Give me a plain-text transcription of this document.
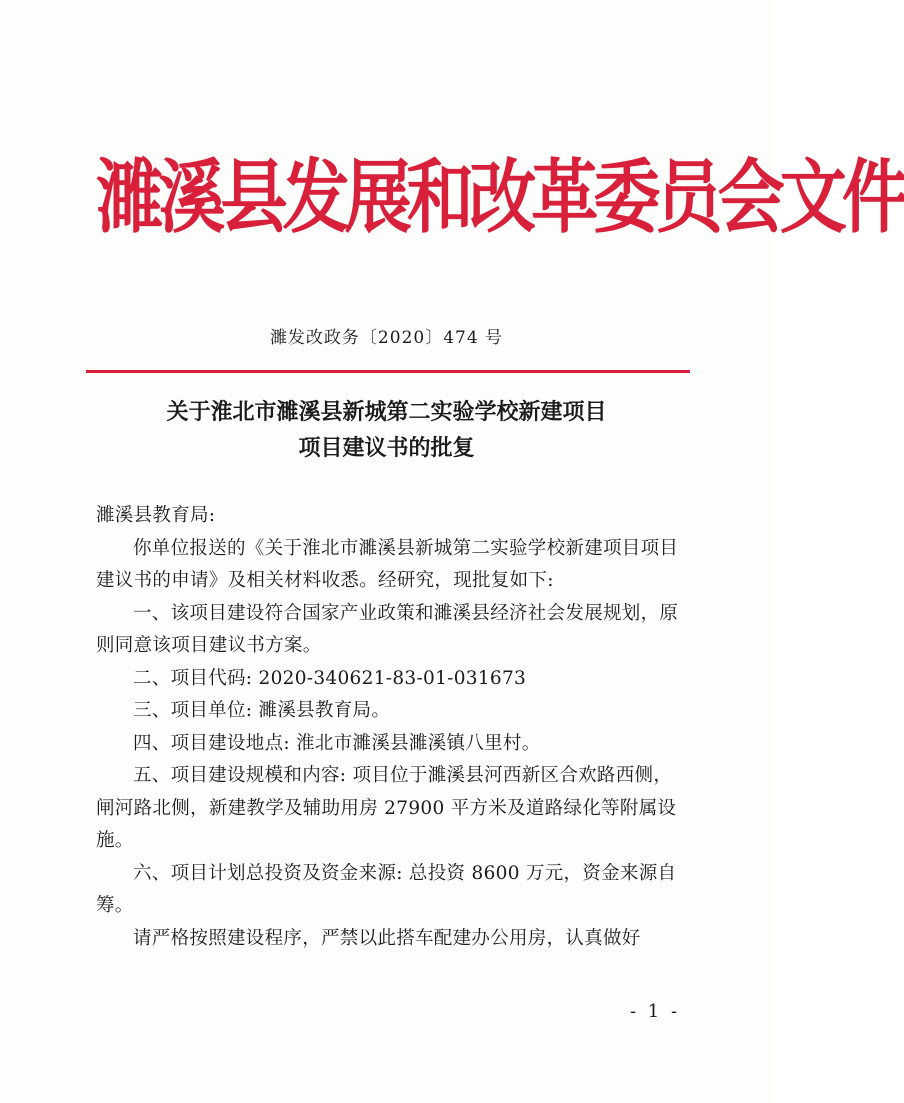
濉溪县发展和改革委员会文件
濉发改政务〔2020〕474 号
关于淮北市濉溪县新城第二实验学校新建项目
项目建议书的批复

濉溪县教育局:

你单位报送的《关于淮北市濉溪县新城第二实验学校新建项目项目建议书的申请》及相关材料收悉。经研究，现批复如下:

一、该项目建设符合国家产业政策和濉溪县经济社会发展规划，原则同意该项目建议书方案。

二、项目代码: 2020-340621-83-01-031673

三、项目单位: 濉溪县教育局。

四、项目建设地点: 淮北市濉溪县濉溪镇八里村。

五、项目建设规模和内容: 项目位于濉溪县河西新区合欢路西侧，闸河路北侧，新建教学及辅助用房 27900 平方米及道路绿化等附属设施。

六、项目计划总投资及资金来源: 总投资 8600 万元，资金来源自筹。

请严格按照建设程序，严禁以此搭车配建办公用房，认真做好

- 1 -
